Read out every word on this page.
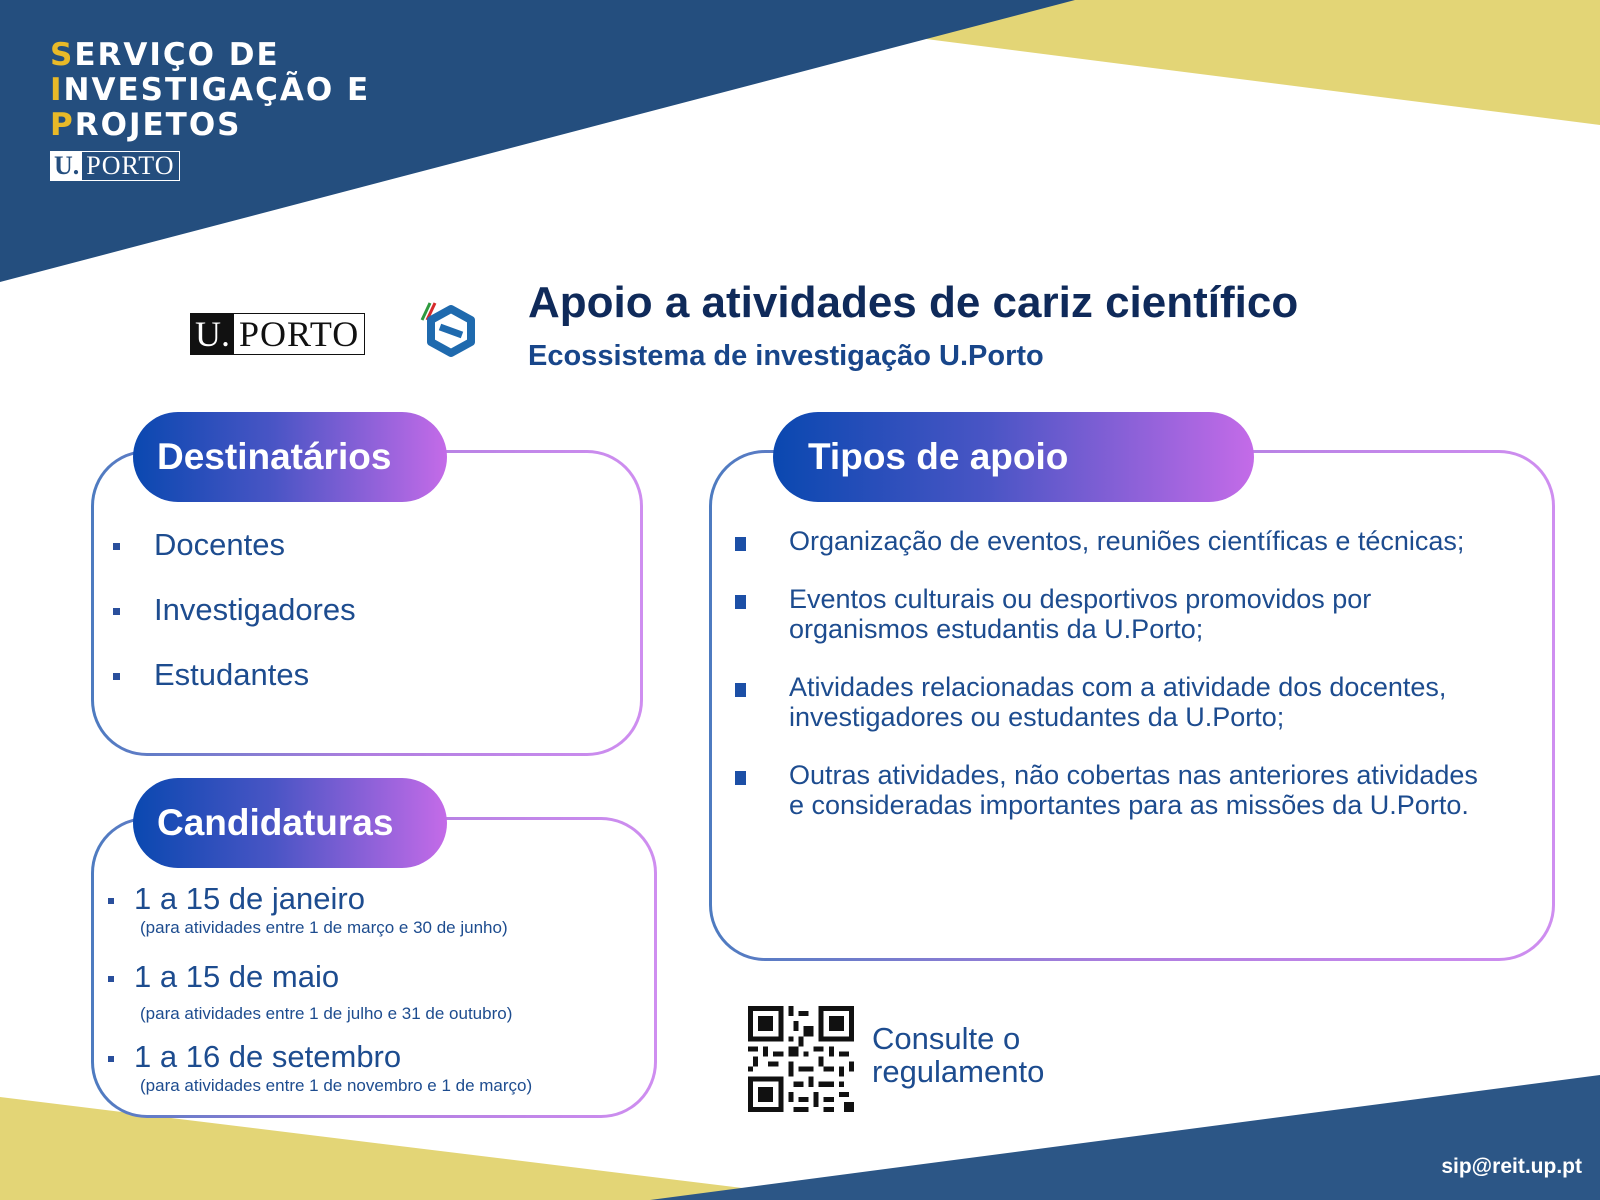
SERVIÇO DE
INVESTIGAÇÃO E
PROJETOS
U. PORTO
U. PORTO
Apoio a atividades de cariz científico
Ecossistema de investigação U.Porto
Destinatários
Docentes
Investigadores
Estudantes
Candidaturas
1 a 15 de janeiro
(para atividades entre 1 de março e 30 de junho)
1 a 15 de maio
(para atividades entre 1 de julho e 31 de outubro)
1 a 16 de setembro
(para atividades entre 1 de novembro e 1 de março)
Tipos de apoio
Organização de eventos, reuniões científicas e técnicas;
Eventos culturais ou desportivos promovidos por organismos estudantis da U.Porto;
Atividades relacionadas com a atividade dos docentes, investigadores ou estudantes da U.Porto;
Outras atividades, não cobertas nas anteriores atividades e consideradas importantes para as missões da U.Porto.
Consulte o regulamento
sip@reit.up.pt
